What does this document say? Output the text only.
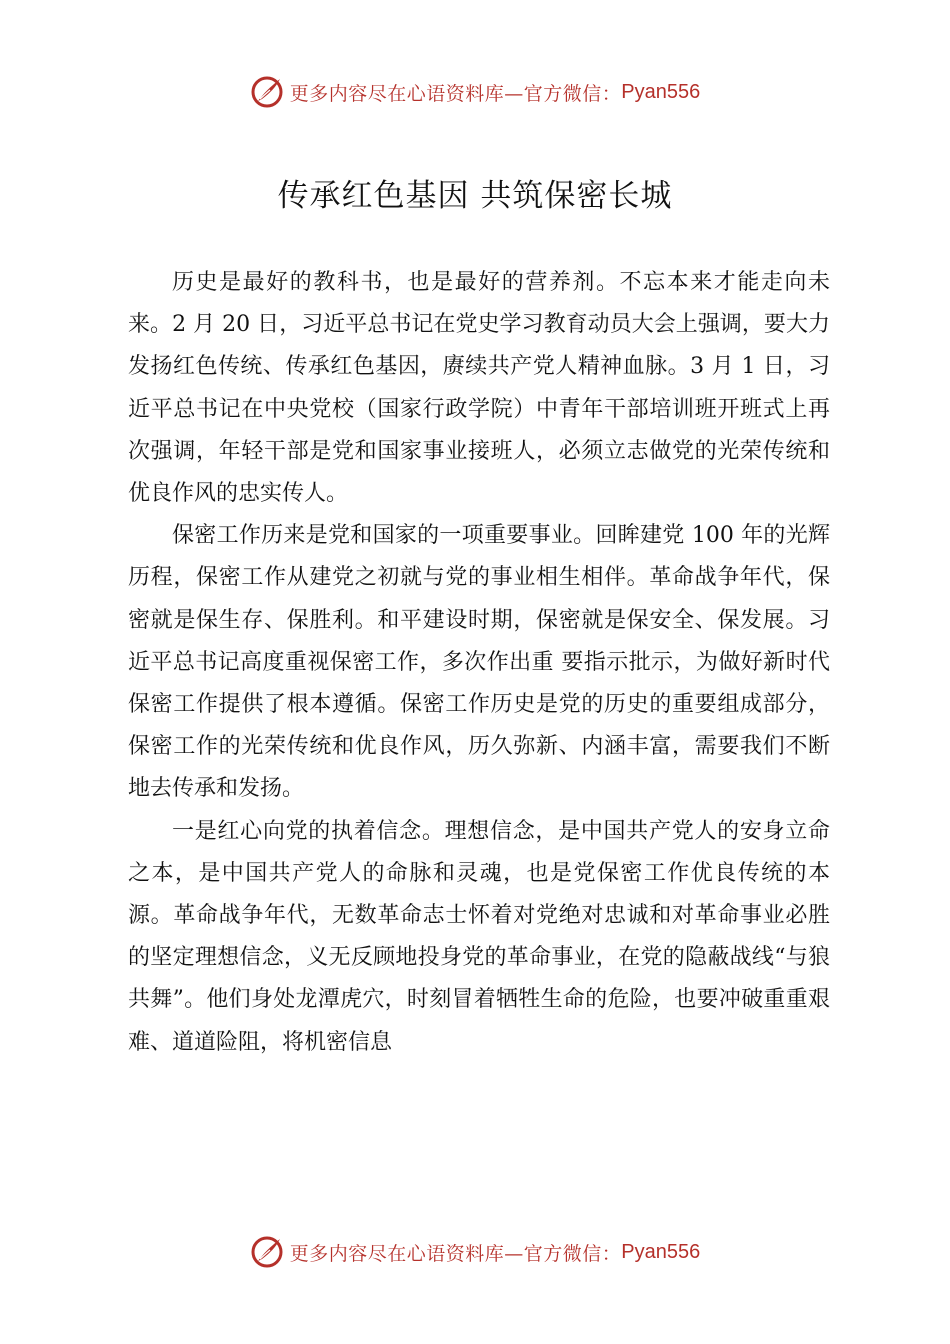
更多内容尽在心语资料库—官方微信： Pyan556
传承红色基因 共筑保密长城

历史是最好的教科书，也是最好的营养剂。不忘本来才能走向未来。2 月 20 日，习近平总书记在党史学习教育动员大会上强调，要大力发扬红色传统、传承红色基因，赓续共产党人精神血脉。3 月 1 日，习近平总书记在中央党校（国家行政学院）中青年干部培训班开班式上再次强调，年轻干部是党和国家事业接班人，必须立志做党的光荣传统和优良作风的忠实传人。

保密工作历来是党和国家的一项重要事业。回眸建党 100 年的光辉历程，保密工作从建党之初就与党的事业相生相伴。革命战争年代，保密就是保生存、保胜利。和平建设时期，保密就是保安全、保发展。习近平总书记高度重视保密工作，多次作出重 要指示批示，为做好新时代保密工作提供了根本遵循。保密工作历史是党的历史的重要组成部分，保密工作的光荣传统和优良作风，历久弥新、内涵丰富，需要我们不断地去传承和发扬。

一是红心向党的执着信念。理想信念，是中国共产党人的安身立命之本，是中国共产党人的命脉和灵魂，也是党保密工作优良传统的本源。革命战争年代，无数革命志士怀着对党绝对忠诚和对革命事业必胜的坚定理想信念，义无反顾地投身党的革命事业，在党的隐蔽战线“与狼共舞”。他们身处龙潭虎穴，时刻冒着牺牲生命的危险，也要冲破重重艰难、道道险阻，将机密信息

更多内容尽在心语资料库—官方微信： Pyan556
